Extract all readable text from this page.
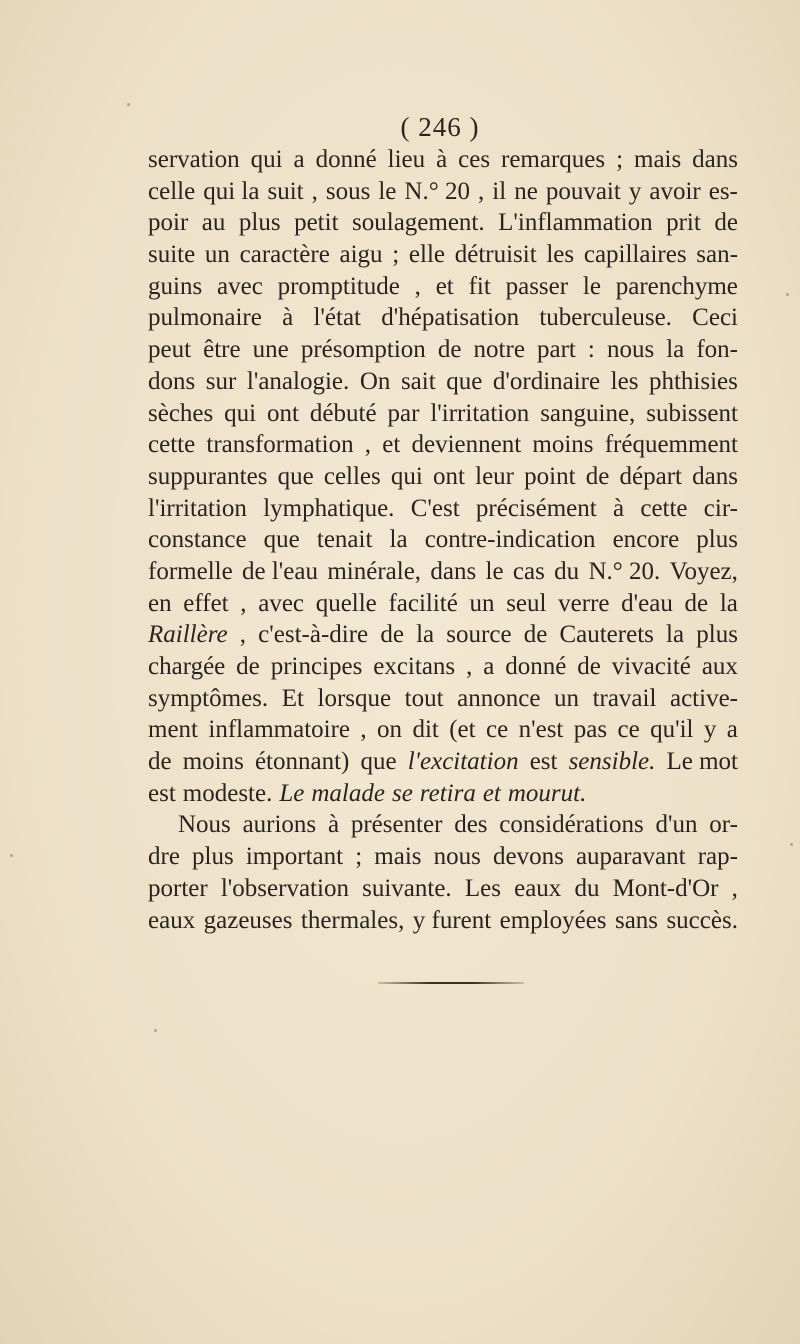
( 246 )
servation qui a donné lieu à ces remarques ; mais dans
celle qui la suit , sous le N.° 20 , il ne pouvait y avoir es-
poir au plus petit soulagement. L'inflammation prit de
suite un caractère aigu ; elle détruisit les capillaires san-
guins avec promptitude , et fit passer le parenchyme
pulmonaire à l'état d'hépatisation tuberculeuse. Ceci
peut être une présomption de notre part : nous la fon-
dons sur l'analogie. On sait que d'ordinaire les phthisies
sèches qui ont débuté par l'irritation sanguine, subissent
cette transformation , et deviennent moins fréquemment
suppurantes que celles qui ont leur point de départ dans
l'irritation lymphatique. C'est précisément à cette cir-
constance que tenait la contre-indication encore plus
formelle de l'eau minérale, dans le cas du N.° 20. Voyez,
en effet , avec quelle facilité un seul verre d'eau de la
Raillère , c'est-à-dire de la source de Cauterets la plus
chargée de principes excitans , a donné de vivacité aux
symptômes. Et lorsque tout annonce un travail active-
ment inflammatoire , on dit (et ce n'est pas ce qu'il y a
de moins étonnant) que l'excitation est sensible. Le mot
est modeste. Le malade se retira et mourut.
Nous aurions à présenter des considérations d'un or-
dre plus important ; mais nous devons auparavant rap-
porter l'observation suivante. Les eaux du Mont-d'Or ,
eaux gazeuses thermales, y furent employées sans succès.
